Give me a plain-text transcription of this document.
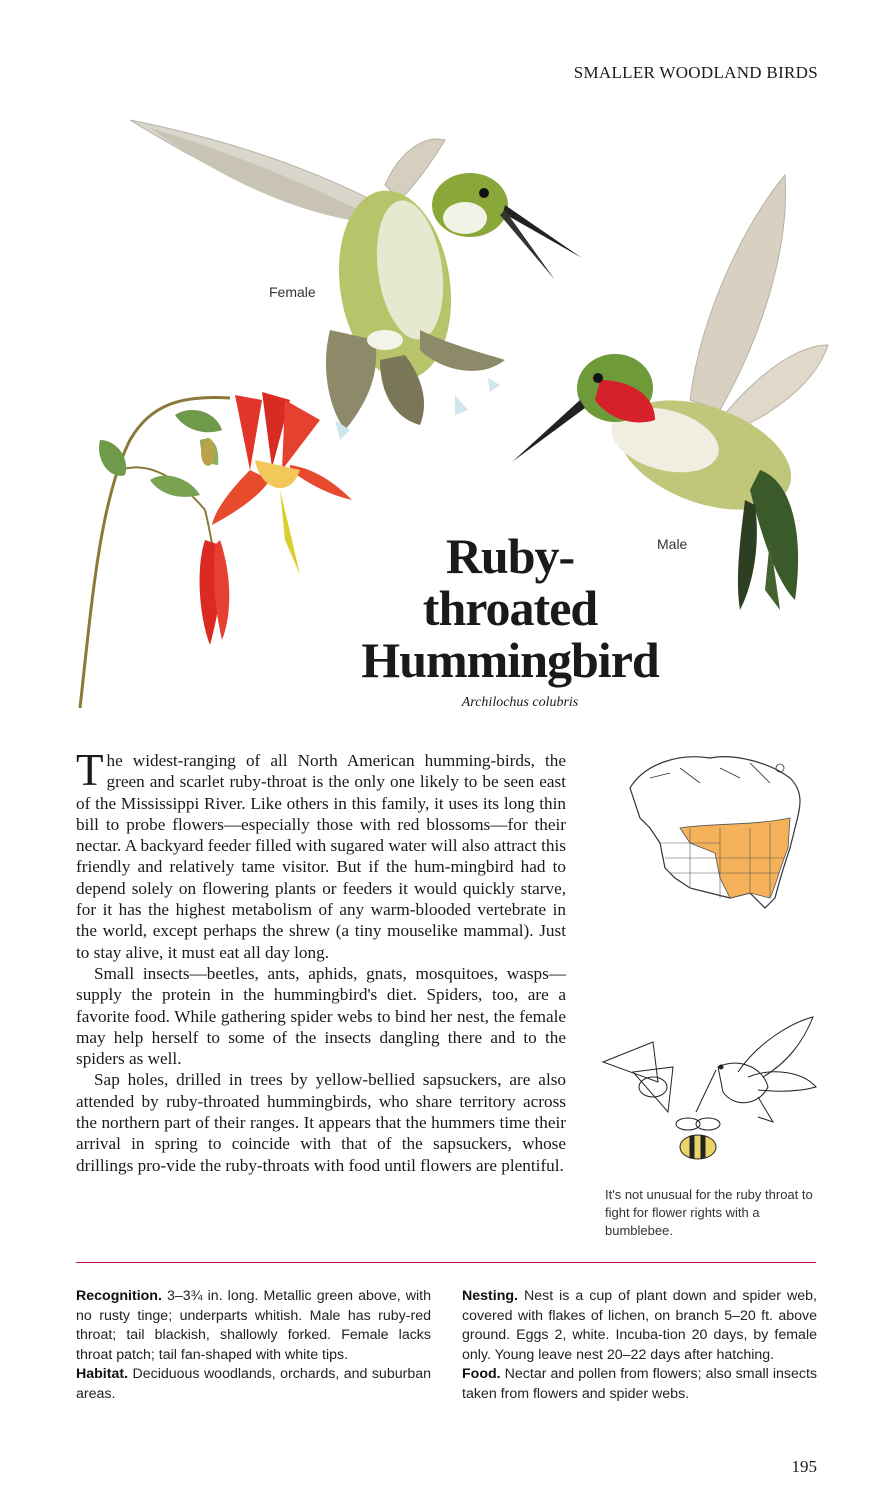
SMALLER WOODLAND BIRDS
Female
Male
Ruby-
throated
Hummingbird
Archilochus colubris

The widest-ranging of all North American humming-birds, the green and scarlet ruby-throat is the only one likely to be seen east of the Mississippi River. Like others in this family, it uses its long thin bill to probe flowers—especially those with red blossoms—for their nectar. A backyard feeder filled with sugared water will also attract this friendly and relatively tame visitor. But if the hum-mingbird had to depend solely on flowering plants or feeders it would quickly starve, for it has the highest metabolism of any warm-blooded vertebrate in the world, except perhaps the shrew (a tiny mouselike mammal). Just to stay alive, it must eat all day long.

Small insects—beetles, ants, aphids, gnats, mosquitoes, wasps—supply the protein in the hummingbird's diet. Spiders, too, are a favorite food. While gathering spider webs to bind her nest, the female may help herself to some of the insects dangling there and to the spiders as well.

Sap holes, drilled in trees by yellow-bellied sapsuckers, are also attended by ruby-throated hummingbirds, who share territory across the northern part of their ranges. It appears that the hummers time their arrival in spring to coincide with that of the sapsuckers, whose drillings pro-vide the ruby-throats with food until flowers are plentiful.

It's not unusual for the ruby throat to fight for flower rights with a bumblebee.

Recognition. 3–3¾ in. long. Metallic green above, with no rusty tinge; underparts whitish. Male has ruby-red throat; tail blackish, shallowly forked. Female lacks throat patch; tail fan-shaped with white tips.

Habitat. Deciduous woodlands, orchards, and suburban areas.

Nesting. Nest is a cup of plant down and spider web, covered with flakes of lichen, on branch 5–20 ft. above ground. Eggs 2, white. Incuba-tion 20 days, by female only. Young leave nest 20–22 days after hatching.

Food. Nectar and pollen from flowers; also small insects taken from flowers and spider webs.

195
